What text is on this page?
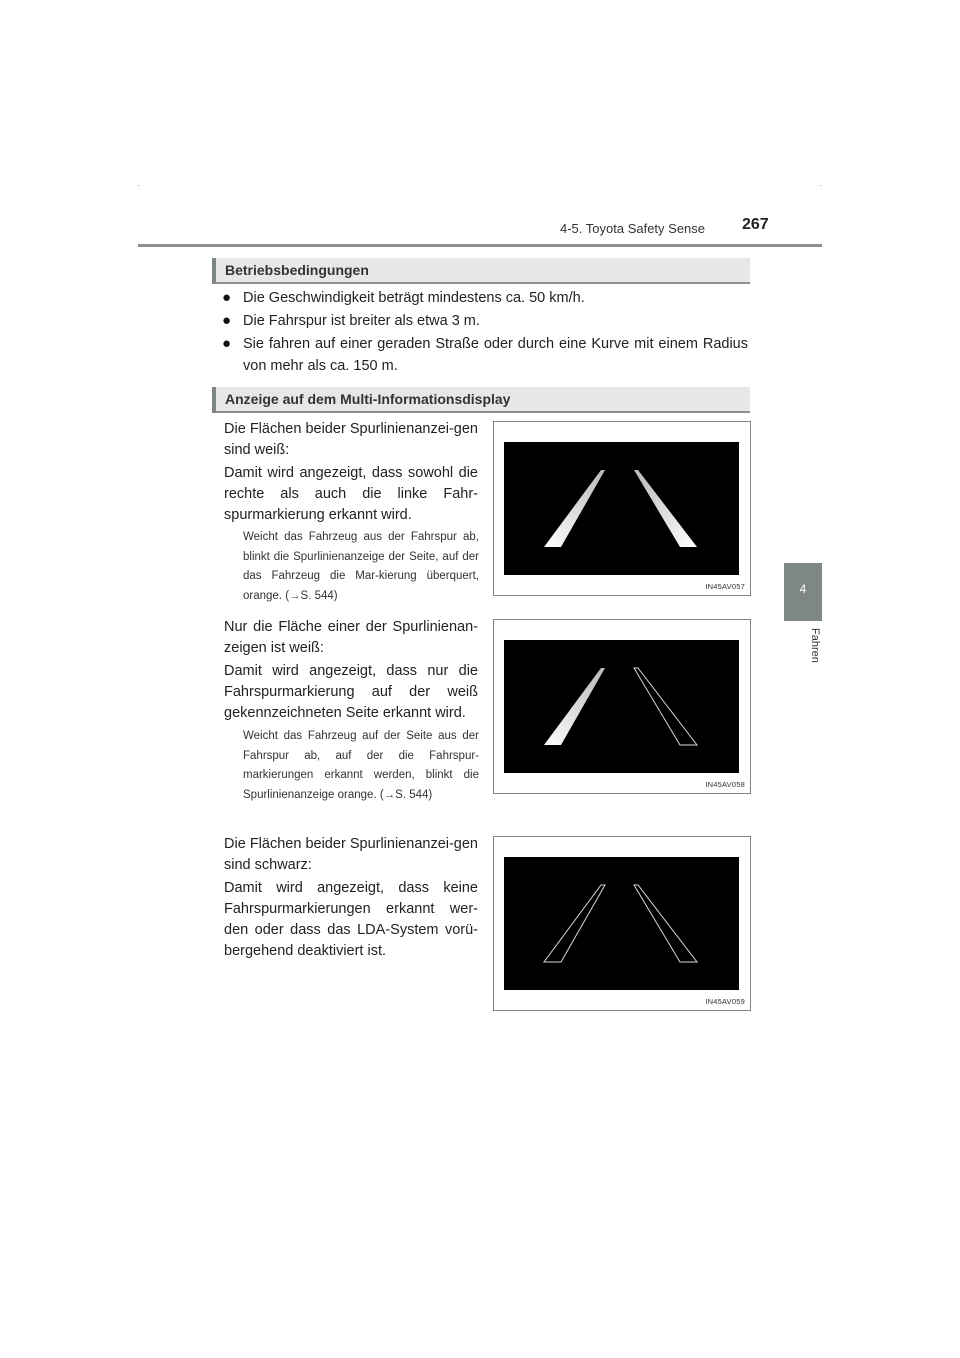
4-5. Toyota Safety Sense 267
4
Fahren
Betriebsbedingungen
● Die Geschwindigkeit beträgt mindestens ca. 50 km/h.
● Die Fahrspur ist breiter als etwa 3 m.
● Sie fahren auf einer geraden Straße oder durch eine Kurve mit einem Radius von mehr als ca. 150 m.
Anzeige auf dem Multi-Informationsdisplay
Die Flächen beider Spurlinienanzei-gen sind weiß:
Damit wird angezeigt, dass sowohl die rechte als auch die linke Fahr-spurmarkierung erkannt wird.
Weicht das Fahrzeug aus der Fahrspur ab, blinkt die Spurlinienanzeige der Seite, auf der das Fahrzeug die Mar-kierung überquert, orange. (→S. 544)
IN45AV057
Nur die Fläche einer der Spurlinienan-zeigen ist weiß:
Damit wird angezeigt, dass nur die Fahrspurmarkierung auf der weiß gekennzeichneten Seite erkannt wird.
Weicht das Fahrzeug auf der Seite aus der Fahrspur ab, auf der die Fahrspur-markierungen erkannt werden, blinkt die Spurlinienanzeige orange. (→S. 544)
IN45AV058
Die Flächen beider Spurlinienanzei-gen sind schwarz:
Damit wird angezeigt, dass keine Fahrspurmarkierungen erkannt wer-den oder dass das LDA-System vorü-bergehend deaktiviert ist.
IN45AV059
